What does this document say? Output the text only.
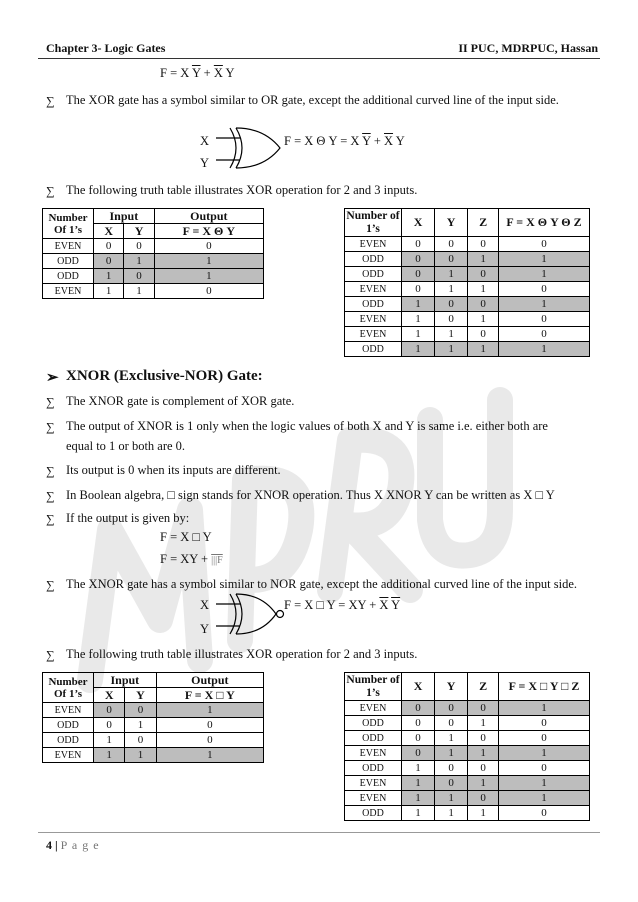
Chapter 3- Logic Gates	II PUC, MDRPUC, Hassan
F = X $\overline{Y} + \overline{X}$ Y
∑ The XOR gate has a symbol similar to OR gate, except the additional curved line of the input side.
X
Y
F = X Θ Y = X $\overline{Y} + \overline{X}$ Y
∑ The following truth table illustrates XOR operation for 2 and 3 inputs.
Number Of 1’s	Input		Output
	X	Y	F = X Θ Y
EVEN	0	0	0
ODD	0	1	1
ODD	1	0	1
EVEN	1	1	0
Number of 1’s	X	Y	Z	F = X Θ Y Θ Z
EVEN	0	0	0	0
ODD	0	0	1	1
ODD	0	1	0	1
EVEN	0	1	1	0
ODD	1	0	0	1
EVEN	1	0	1	0
EVEN	1	1	0	0
ODD	1	1	1	1
➢ XNOR (Exclusive-NOR) Gate:
∑ The XNOR gate is complement of XOR gate.
∑ The output of XNOR is 1 only when the logic values of both X and Y is same i.e. either both are
equal to 1 or both are 0.
∑ Its output is 0 when its inputs are different.
∑ In Boolean algebra, □ sign stands for XNOR operation. Thus X XNOR Y can be written as X □ Y
∑ If the output is given by:
F = X □ Y
F = XY + |||F
∑ The XNOR gate has a symbol similar to NOR gate, except the additional curved line of the input side.
X
Y
F = X □ Y = XY + $\overline{X}$ $\overline{Y}$
∑ The following truth table illustrates XOR operation for 2 and 3 inputs.
Number Of 1’s	Input		Output
	X	Y	F = X □ Y
EVEN	0	0	1
ODD	0	1	0
ODD	1	0	0
EVEN	1	1	1
Number of 1’s	X	Y	Z	F = X □ Y □ Z
EVEN	0	0	0	1
ODD	0	0	1	0
ODD	0	1	0	0
EVEN	0	1	1	1
ODD	1	0	0	0
EVEN	1	0	1	1
EVEN	1	1	0	1
ODD	1	1	1	0
4 | P a g e
